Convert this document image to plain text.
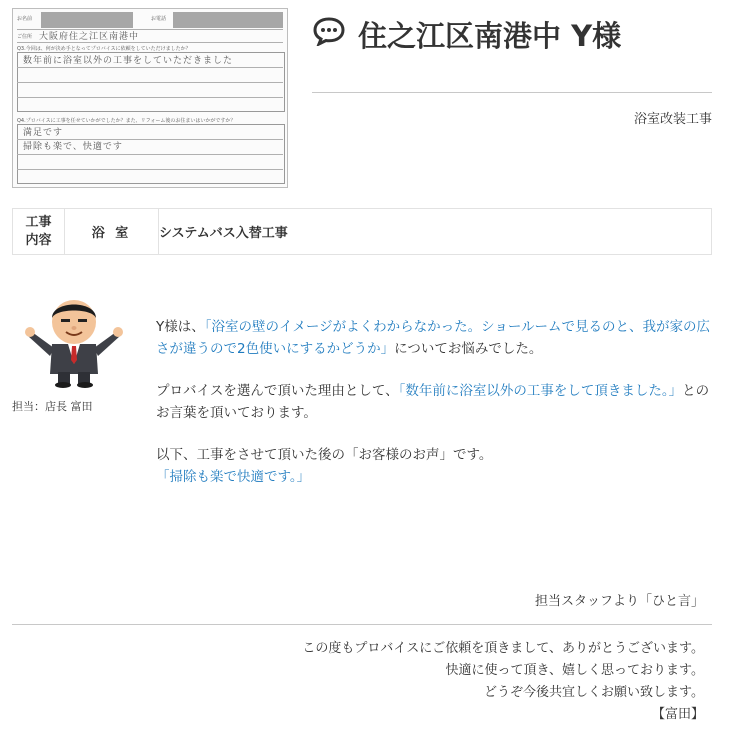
お名前	お電話
ご住所 大阪府住之江区南港中
Q3.今回は、何が決め手となってプロバイスに依頼をしていただけましたか？
数年前に浴室以外の工事をしていただきました
Q4.プロバイスに工事を任せていかがでしたか？また、リフォーム後のお住まいはいかがですか？
満足です
掃除も楽で、快適です
住之江区南港中 Y様
浴室改装工事
工事
内容	浴 室	システムバス入替工事
担当：店長 富田

Y様は、「浴室の壁のイメージがよくわからなかった。ショールームで見るのと、我が家の広さが違うので2色使いにするかどうか」についてお悩みでした。

プロバイスを選んで頂いた理由として、「数年前に浴室以外の工事をして頂きました。」とのお言葉を頂いております。

以下、工事をさせて頂いた後の「お客様のお声」です。
「掃除も楽で快適です。」

担当スタッフより「ひと言」
この度もプロバイスにご依頼を頂きまして、ありがとうございます。
快適に使って頂き、嬉しく思っております。
どうぞ今後共宜しくお願い致します。
【富田】
